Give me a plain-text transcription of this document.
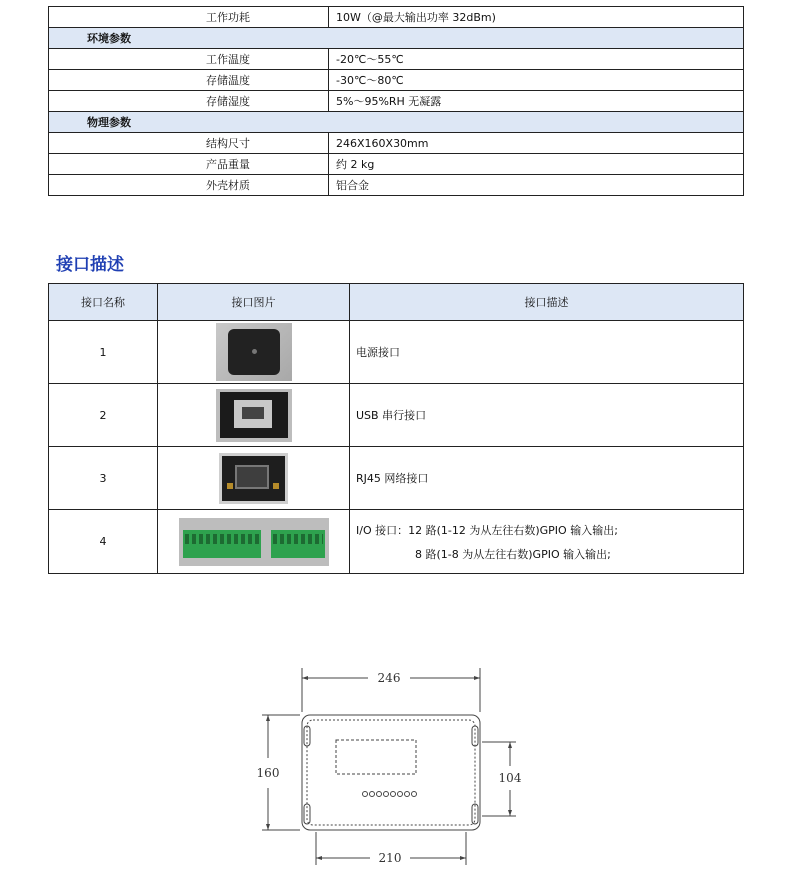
工作功耗	10W（@最大输出功率 32dBm)
环境参数	
工作温度	-20℃～55℃
存储温度	-30℃～80℃
存储湿度	5%～95%RH 无凝露
物理参数	
结构尺寸	246X160X30mm
产品重量	约 2 kg
外壳材质	铝合金
接口描述
接口名称	接口图片	接口描述
1		电源接口
2		USB 串行接口
3		RJ45 网络接口
4		I/O 接口：12 路(1-12 为从左往右数)GPIO 输入输出;
8 路(1-8 为从左往右数)GPIO 输入输出;
246
160	104
210
